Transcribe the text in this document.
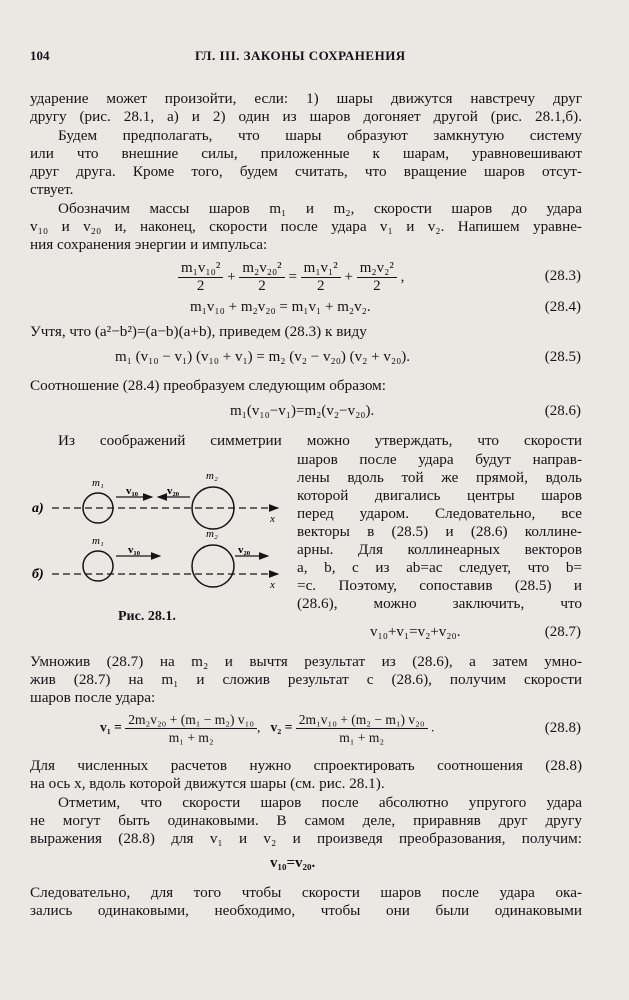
104	ГЛ. III. ЗАКОНЫ СОХРАНЕНИЯ
ударение может произойти, если: 1) шары движутся навстречу друг
другу (рис. 28.1, а) и 2) один из шаров догоняет другой (рис. 28.1,б).
Будем предполагать, что шары образуют замкнутую систему
или что внешние силы, приложенные к шарам, уравновешивают
друг друга. Кроме того, будем считать, что вращение шаров отсут-
ствует.
Обозначим массы шаров m₁ и m₂, скорости шаров до удара
v₁₀ и v₂₀ и, наконец, скорости после удара v₁ и v₂. Напишем уравне-
ния сохранения энергии и импульса:
$\frac{\text{m₁v₁₀²}}{2} + \frac{\text{m₂v₂₀²}}{2} = \frac{\text{m₁v₁²}}{2} + \frac{\text{m₂v₂²}}{2}$ ,	(28.3)
m₁v₁₀ + m₂v₂₀ = m₁v₁ + m₂v₂.	(28.4)
Учтя, что (a²−b²)=(a−b)(a+b), приведем (28.3) к виду
m₁ (v₁₀ − v₁) (v₁₀ + v₁) = m₂ (v₂ − v₂₀) (v₂ + v₂₀).	(28.5)
Соотношение (28.4) преобразуем следующим образом:
m₁(v₁₀−v₁)=m₂(v₂−v₂₀).	(28.6)
Из соображений симметрии можно утверждать, что скорости
шаров после удара будут направ-
лены вдоль той же прямой, вдоль
которой двигались центры шаров
перед ударом. Следовательно, все
векторы в (28.5) и (28.6) коллине-
арны. Для коллинеарных векторов
a, b, c из ab=ac следует, что b=
=c. Поэтому, сопоставив (28.5) и
(28.6), можно заключить, что
а)
m₁
m₂
v₁₀	v₂₀
x
б)
m₁
m₂
v₁₀	v₂₀
x
Рис. 28.1.
v₁₀+v₁=v₂+v₂₀.	(28.7)
Умножив (28.7) на m₂ и вычтя результат из (28.6), а затем умно-
жив (28.7) на m₁ и сложив результат с (28.6), получим скорости
шаров после удара:
$v_1 = \frac{\text{2m₂v₂₀ + (m₁ − m₂) v₁₀}}{\text{m₁ + m₂}}$ ,   $v_2 = \frac{\text{2m₁v₁₀ + (m₂ − m₁) v₂₀}}{\text{m₁ + m₂}}$ .	(28.8)
Для численных расчетов нужно спроектировать соотношения (28.8)
на ось x, вдоль которой движутся шары (см. рис. 28.1).
Отметим, что скорости шаров после абсолютно упругого удара
не могут быть одинаковыми. В самом деле, приравняв друг другу
выражения (28.8) для v₁ и v₂ и произведя преобразования, получим:
v₁₀=v₂₀.
Следовательно, для того чтобы скорости шаров после удара ока-
зались одинаковыми, необходимо, чтобы они были одинаковыми
